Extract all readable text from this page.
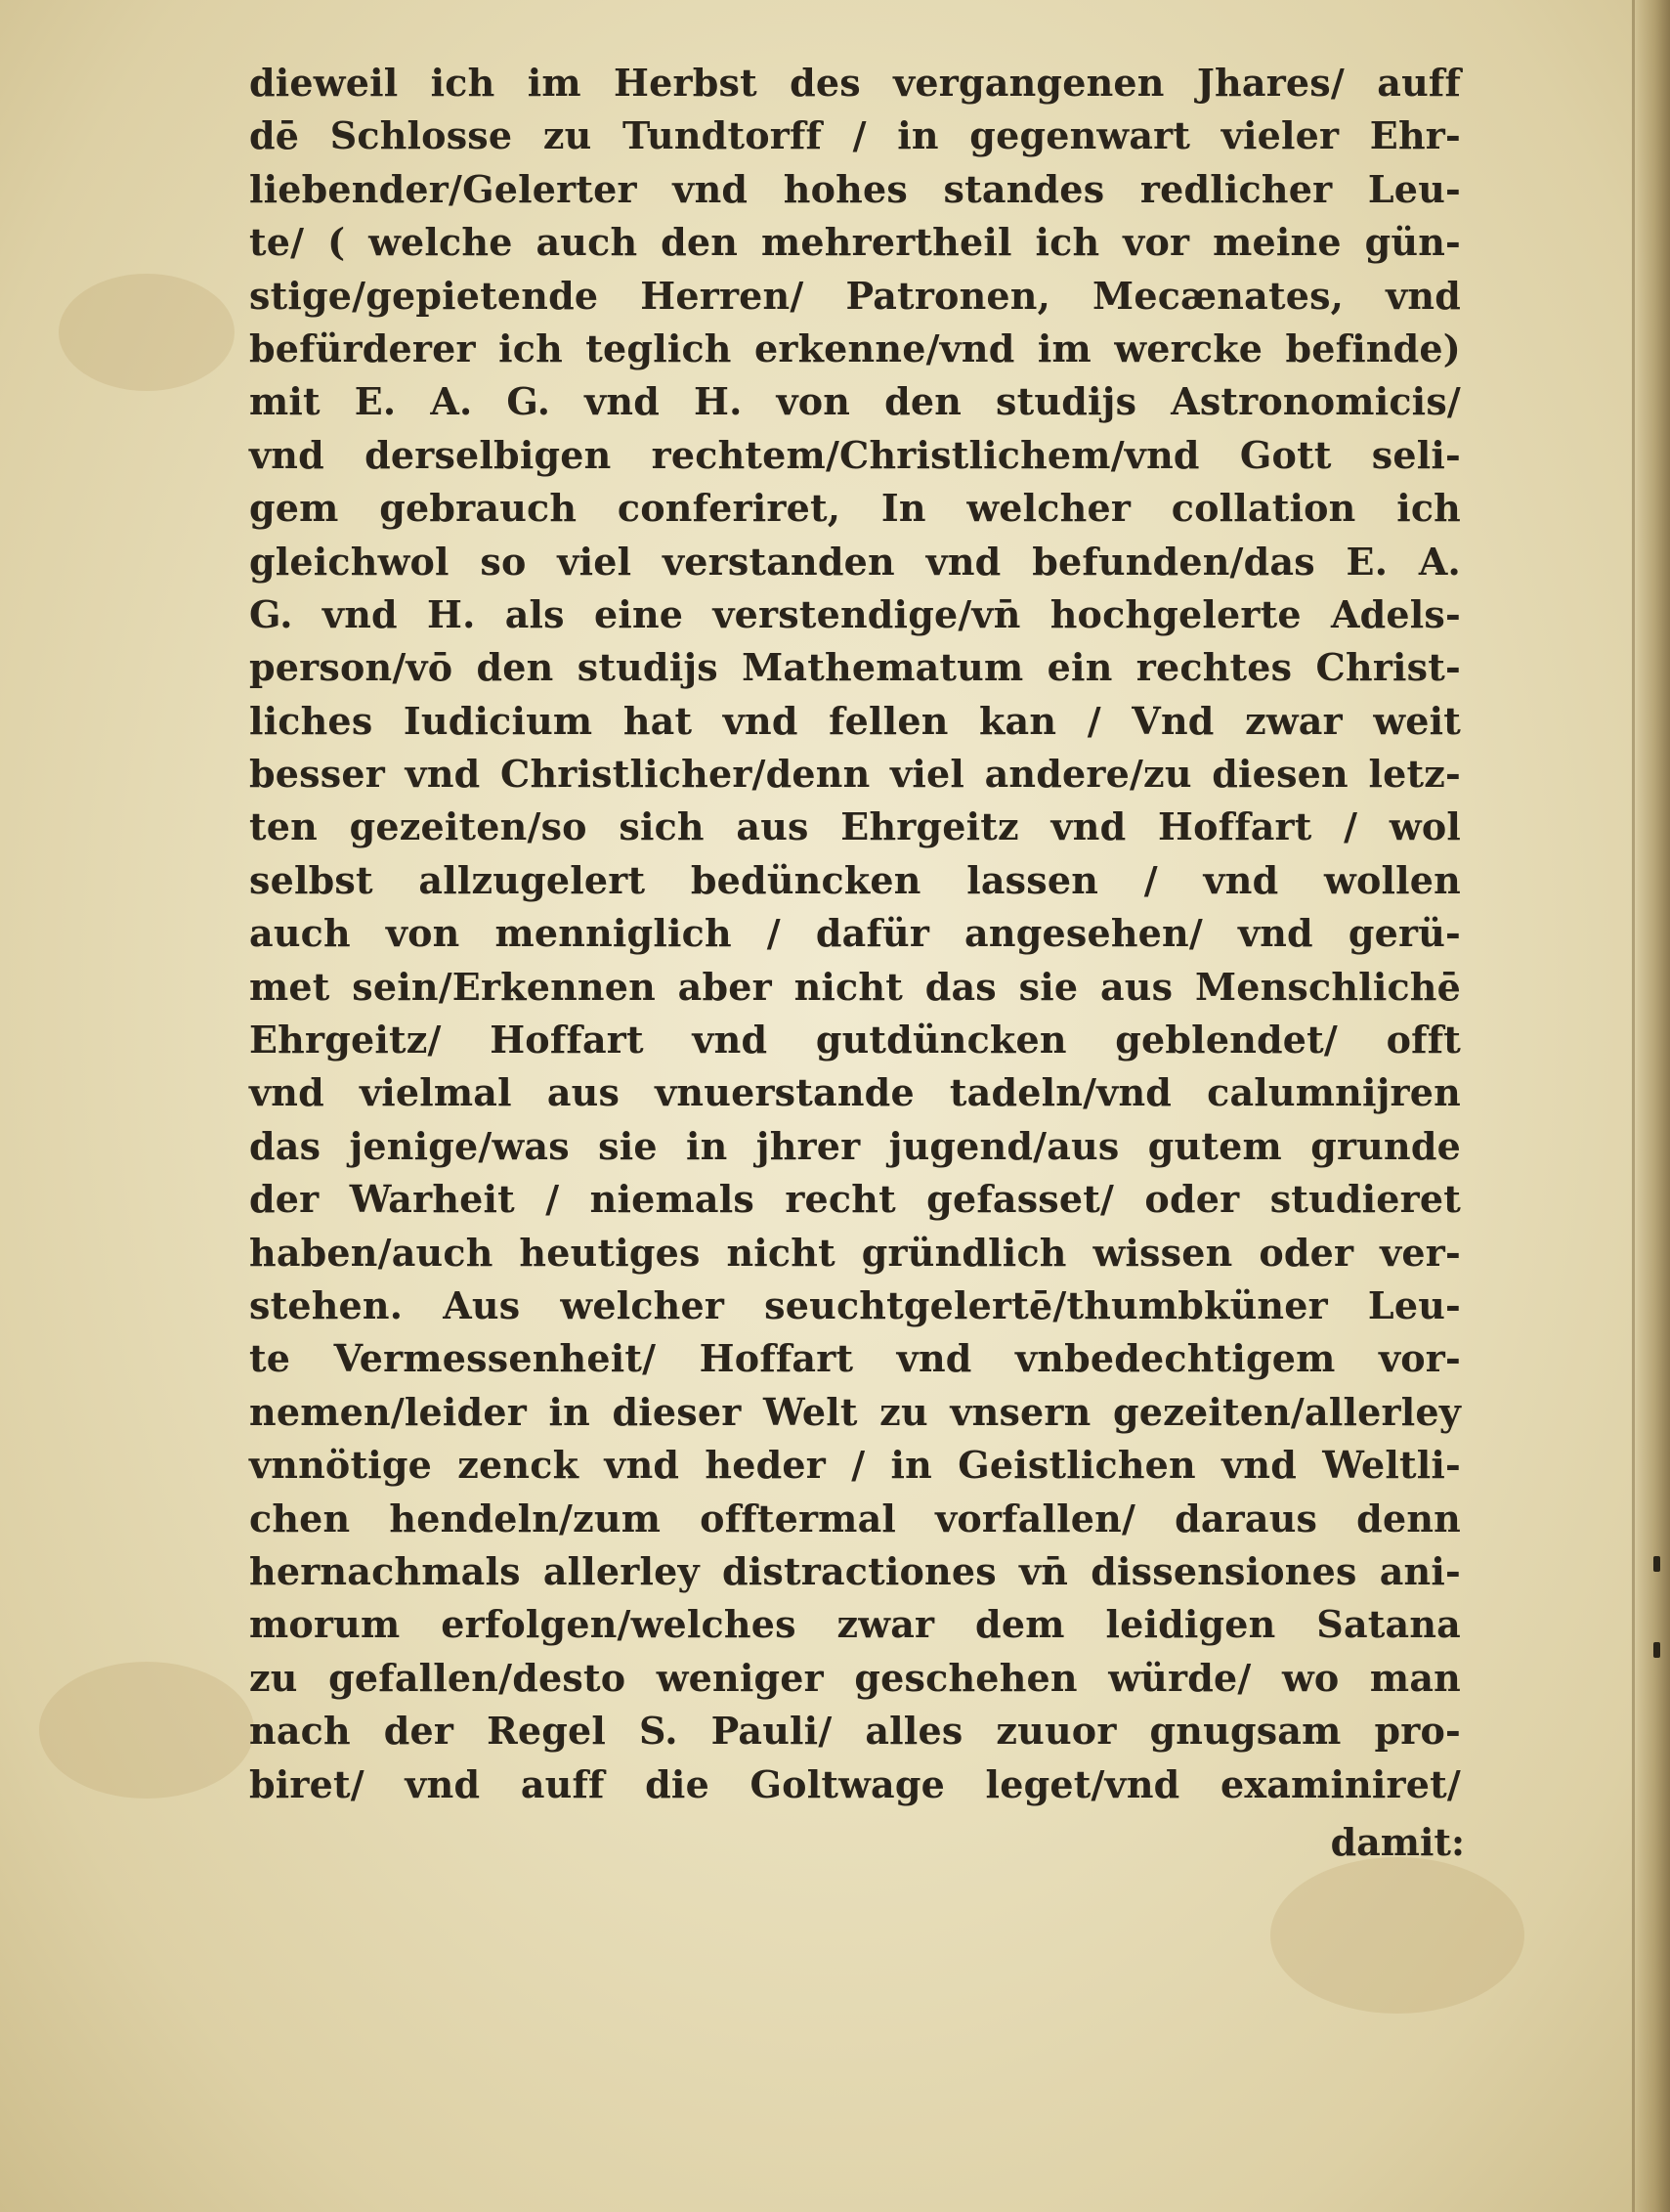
dieweil ich im Herbst des vergangenen Jhares/ auff
dē Schlosse zu Tundtorff / in gegenwart vieler Ehr-
liebender/Gelerter vnd hohes standes redlicher Leu-
te/ ( welche auch den mehrertheil ich vor meine gün-
stige/gepietende Herren/ Patronen, Mecænates, vnd
befürderer ich teglich erkenne/vnd im wercke befinde)
mit E. A. G. vnd H. von den studijs Astronomicis/
vnd derselbigen rechtem/Christlichem/vnd Gott seli-
gem gebrauch conferiret, In welcher collation ich
gleichwol so viel verstanden vnd befunden/das E. A.
G. vnd H. als eine verstendige/vn̄ hochgelerte Adels-
person/vō den studijs Mathematum ein rechtes Christ-
liches Iudicium hat vnd fellen kan / Vnd zwar weit
besser vnd Christlicher/denn viel andere/zu diesen letz-
ten gezeiten/so sich aus Ehrgeitz vnd Hoffart / wol
selbst allzugelert bedüncken lassen / vnd wollen
auch von menniglich / dafür angesehen/ vnd gerü-
met sein/Erkennen aber nicht das sie aus Menschlichē
Ehrgeitz/ Hoffart vnd gutdüncken geblendet/ offt
vnd vielmal aus vnuerstande tadeln/vnd calumnijren
das jenige/was sie in jhrer jugend/aus gutem grunde
der Warheit / niemals recht gefasset/ oder studieret
haben/auch heutiges nicht gründlich wissen oder ver-
stehen. Aus welcher seuchtgelertē/thumbküner Leu-
te Vermessenheit/ Hoffart vnd vnbedechtigem vor-
nemen/leider in dieser Welt zu vnsern gezeiten/allerley
vnnötige zenck vnd heder / in Geistlichen vnd Weltli-
chen hendeln/zum offtermal vorfallen/ daraus denn
hernachmals allerley distractiones vn̄ dissensiones ani-
morum erfolgen/welches zwar dem leidigen Satana
zu gefallen/desto weniger geschehen würde/ wo man
nach der Regel S. Pauli/ alles zuuor gnugsam pro-
biret/ vnd auff die Goltwage leget/vnd examiniret/
damit:
